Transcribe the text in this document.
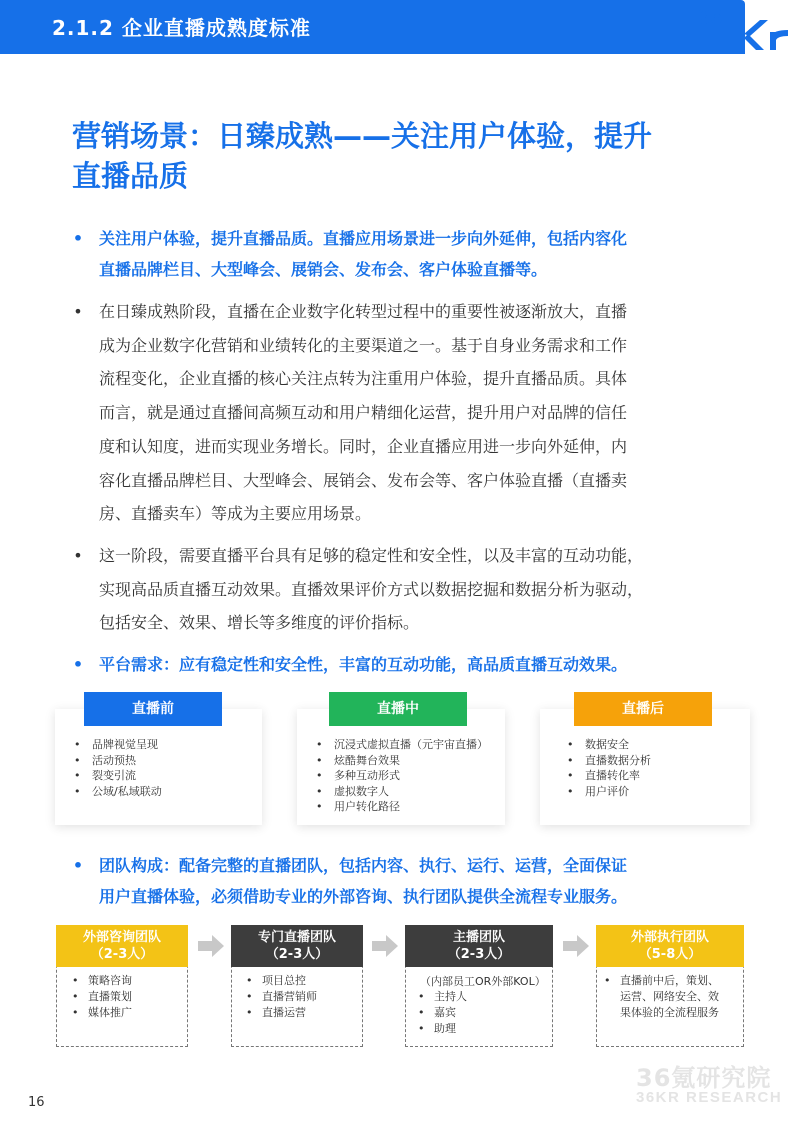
2.1.2 企业直播成熟度标准	36
营销场景：日臻成熟——关注用户体验，提升
直播品质
• 关注用户体验，提升直播品质。直播应用场景进一步向外延伸，包括内容化
直播品牌栏目、大型峰会、展销会、发布会、客户体验直播等。
• 在日臻成熟阶段，直播在企业数字化转型过程中的重要性被逐渐放大，直播
成为企业数字化营销和业绩转化的主要渠道之一。基于自身业务需求和工作
流程变化，企业直播的核心关注点转为注重用户体验，提升直播品质。具体
而言，就是通过直播间高频互动和用户精细化运营，提升用户对品牌的信任
度和认知度，进而实现业务增长。同时，企业直播应用进一步向外延伸，内
容化直播品牌栏目、大型峰会、展销会、发布会等、客户体验直播（直播卖
房、直播卖车）等成为主要应用场景。
• 这一阶段，需要直播平台具有足够的稳定性和安全性，以及丰富的互动功能，
实现高品质直播互动效果。直播效果评价方式以数据挖掘和数据分析为驱动，
包括安全、效果、增长等多维度的评价指标。
• 平台需求：应有稳定性和安全性，丰富的互动功能，高品质直播互动效果。
直播前	直播中	直播后
• 品牌视觉呈现
• 活动预热
• 裂变引流
• 公域/私域联动
• 沉浸式虚拟直播（元宇宙直播）
• 炫酷舞台效果
• 多种互动形式
• 虚拟数字人
• 用户转化路径
• 数据安全
• 直播数据分析
• 直播转化率
• 用户评价
• 团队构成：配备完整的直播团队，包括内容、执行、运行、运营，全面保证
用户直播体验，必须借助专业的外部咨询、执行团队提供全流程专业服务。
外部咨询团队
（2-3人）
专门直播团队
（2-3人）
主播团队
（2-3人）
外部执行团队
（5-8人）
• 策略咨询
• 直播策划
• 媒体推广
• 项目总控
• 直播营销师
• 直播运营
（内部员工OR外部KOL）
• 主持人
• 嘉宾
• 助理
• 直播前中后，策划、
运营、网络安全、效
果体验的全流程服务
16
36氪研究院
36KR RESEARCH
